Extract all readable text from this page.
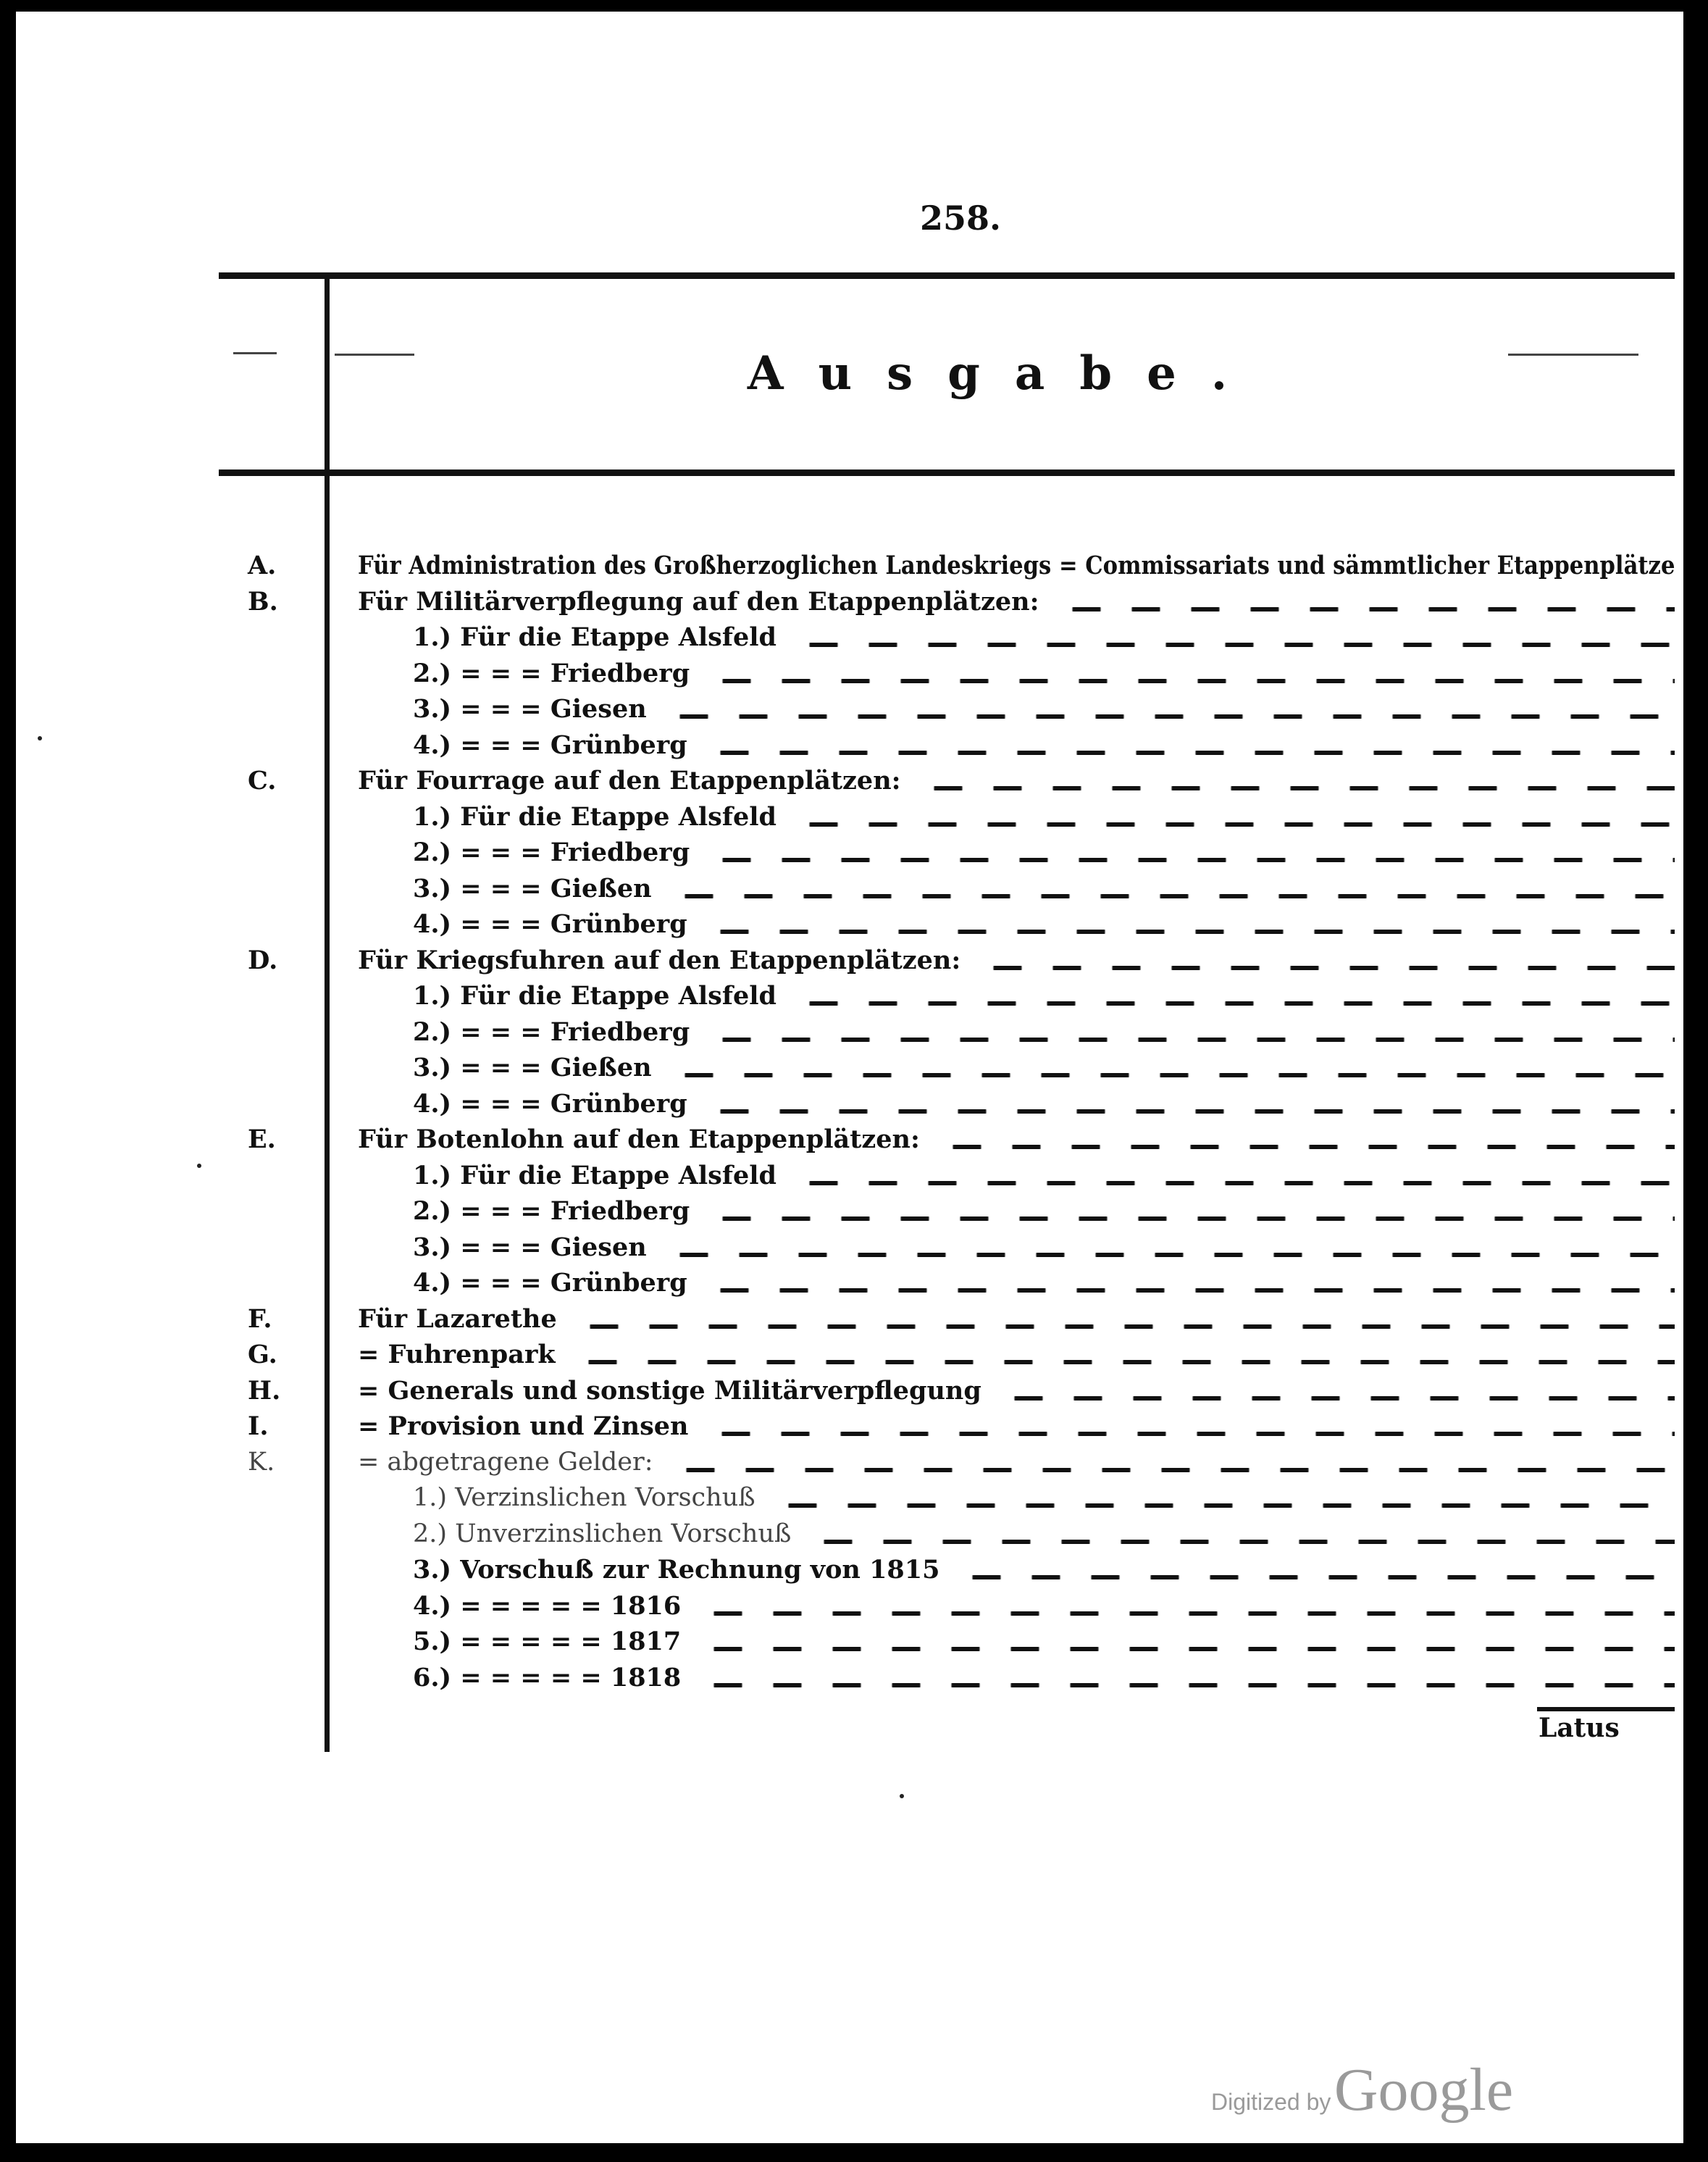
258.
Ausgabe.
A.	Für Administration des Großherzoglichen Landeskriegs = Commissariats und sämmtlicher Etappenplätze
B.	Für Militärverpflegung auf den Etappenplätzen:
1.) Für die Etappe Alsfeld
2.) = = = Friedberg
3.) = = = Giesen
4.) = = = Grünberg
C.	Für Fourrage auf den Etappenplätzen:
1.) Für die Etappe Alsfeld
2.) = = = Friedberg
3.) = = = Gießen
4.) = = = Grünberg
D.	Für Kriegsfuhren auf den Etappenplätzen:
1.) Für die Etappe Alsfeld
2.) = = = Friedberg
3.) = = = Gießen
4.) = = = Grünberg
E.	Für Botenlohn auf den Etappenplätzen:
1.) Für die Etappe Alsfeld
2.) = = = Friedberg
3.) = = = Giesen
4.) = = = Grünberg
F.	Für Lazarethe
G.	= Fuhrenpark
H.	= Generals und sonstige Militärverpflegung
I.	= Provision und Zinsen
K.	= abgetragene Gelder:
1.) Verzinslichen Vorschuß
2.) Unverzinslichen Vorschuß
3.) Vorschuß zur Rechnung von 1815
4.) = = = = = 1816
5.) = = = = = 1817
6.) = = = = = 1818
Latus
Digitized by Google
